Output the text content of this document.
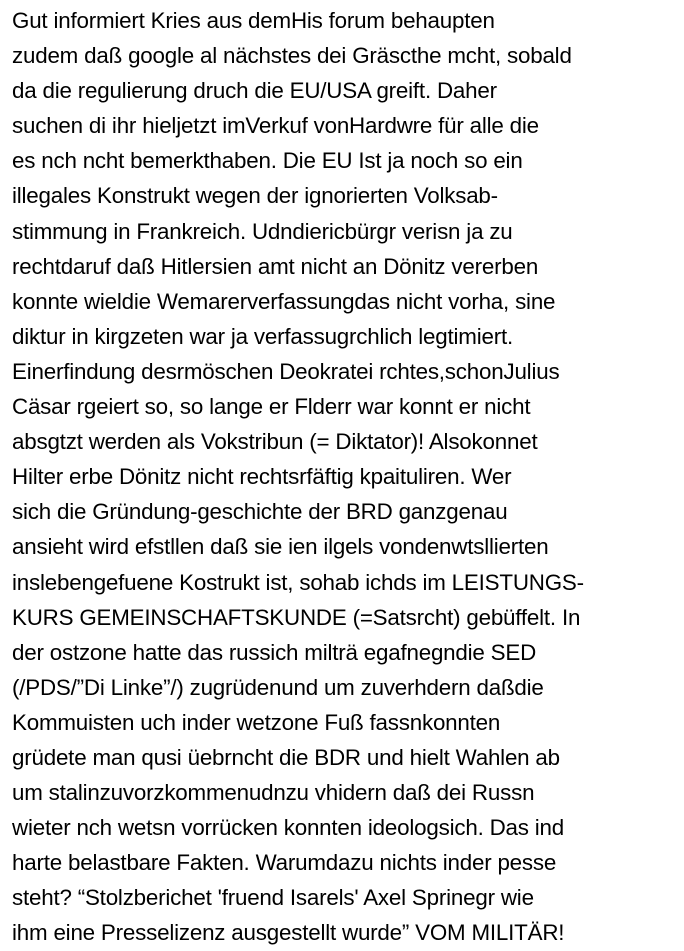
Gut informiert Kries aus demHis forum behaupten
zudem daß google al nächstes dei Gräscthe mcht, sobald
da die regulierung druch die EU/USA greift. Daher
suchen di ihr hieljetzt imVerkuf vonHardwre für alle die
es nch ncht bemerkthaben. Die EU Ist ja noch so ein
illegales Konstrukt wegen der ignorierten Volksab-
stimmung in Frankreich. Udndiericbürgr verisn ja zu
rechtdaruf daß Hitlersien amt nicht an Dönitz vererben
konnte wieldie Wemarerverfassungdas nicht vorha, sine
diktur in kirgzeten war ja verfassugrchlich legtimiert.
Einerfindung desrmöschen Deokratei rchtes,schonJulius
Cäsar rgeiert so, so lange er Flderr war konnt er nicht
absgtzt werden als Vokstribun (= Diktator)! Alsokonnet
Hilter erbe Dönitz nicht rechtsrfäftig kpaituliren. Wer
sich die Gründung-geschichte der BRD ganzgenau
ansieht wird efstllen daß sie ien ilgels vondenwtsllierten
inslebengefuene Kostrukt ist, sohab ichds im LEISTUNGS-
KURS GEMEINSCHAFTSKUNDE (=Satsrcht) gebüffelt. In
der ostzone hatte das russich milträ egafnegndie SED
(/PDS/”Di Linke”/) zugrüdenund um zuverhdern daßdie
Kommuisten uch inder wetzone Fuß fassnkonnten
grüdete man qusi üebrncht die BDR und hielt Wahlen ab
um stalinzuvorzkommenudnzu vhidern daß dei Russn
wieter nch wetsn vorrücken konnten ideologsich. Das ind
harte belastbare Fakten. Warumdazu nichts inder pesse
steht? “Stolzberichet 'fruend Isarels' Axel Sprinegr wie
ihm eine Presselizenz ausgestellt wurde” VOM MILITÄR!
